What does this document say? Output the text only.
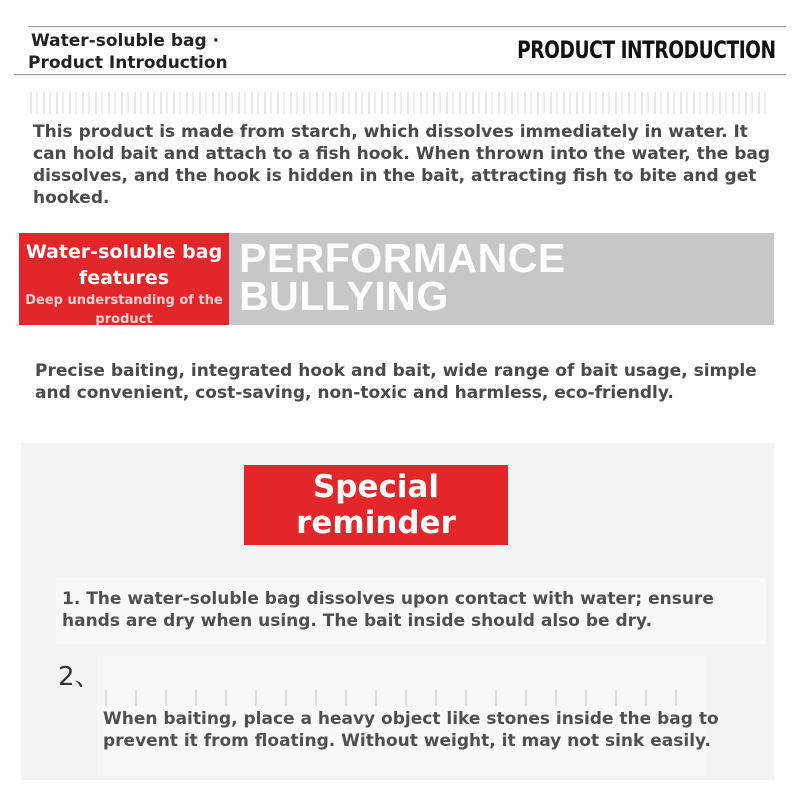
Water-soluble bag ·
Product Introduction	PRODUCT INTRODUCTION
This product is made from starch, which dissolves immediately in water. It can hold bait and attach to a fish hook. When thrown into the water, the bag dissolves, and the hook is hidden in the bait, attracting fish to bite and get hooked.
Water-soluble bag features
Deep understanding of the product
PERFORMANCE
BULLYING
Precise baiting, integrated hook and bait, wide range of bait usage, simple and convenient, cost-saving, non-toxic and harmless, eco-friendly.
Special
reminder
1. The water-soluble bag dissolves upon contact with water; ensure hands are dry when using. The bait inside should also be dry.
2、
When baiting, place a heavy object like stones inside the bag to prevent it from floating. Without weight, it may not sink easily.
